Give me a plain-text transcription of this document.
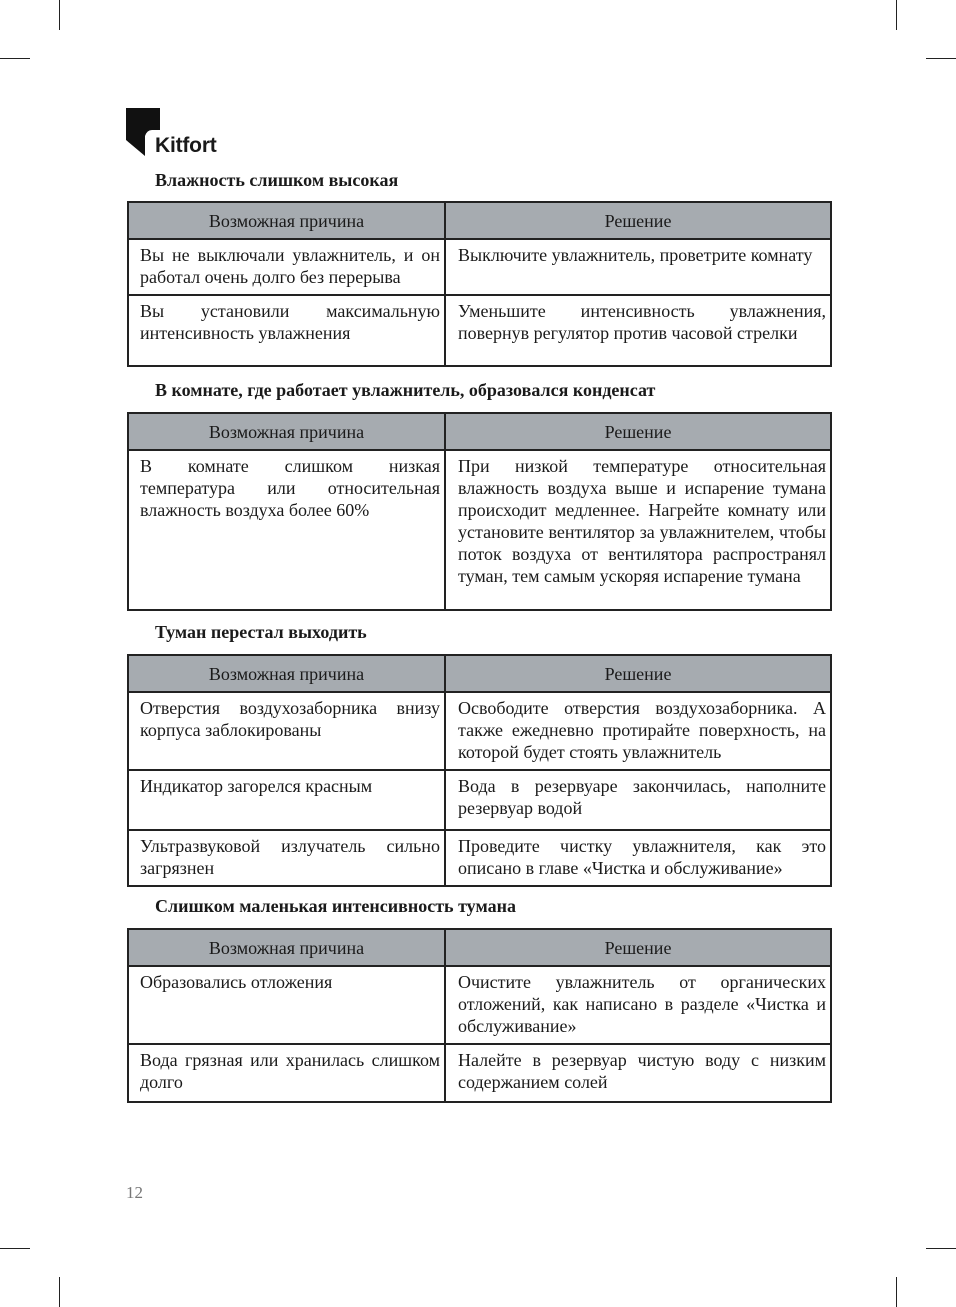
Kitfort
Влажность слишком высокая
Возможная причина	Решение
Вы не выключали увлажнитель, и он работал очень долго без перерыва	Выключите увлажнитель, проветрите комнату
Вы установили максимальную интенсивность увлажнения	Уменьшите интенсивность увлажнения, повернув регулятор против часовой стрелки
В комнате, где работает увлажнитель, образовался конденсат
Возможная причина	Решение
В комнате слишком низкая температура или относительная влажность воздуха более 60%	При низкой температуре относительная влажность воздуха выше и испарение тумана происходит медленнее. Нагрейте комнату или установите вентилятор за увлажнителем, чтобы поток воздуха от вентилятора распространял туман, тем самым ускоряя испарение тумана
Туман перестал выходить
Возможная причина	Решение
Отверстия воздухозаборника внизу корпуса заблокированы	Освободите отверстия воздухозаборника. А также ежедневно протирайте поверхность, на которой будет стоять увлажнитель
Индикатор загорелся красным	Вода в резервуаре закончилась, наполните резервуар водой
Ультразвуковой излучатель сильно загрязнен	Проведите чистку увлажнителя, как это описано в главе «Чистка и обслуживание»
Слишком маленькая интенсивность тумана
Возможная причина	Решение
Образовались отложения	Очистите увлажнитель от органических отложений, как написано в разделе «Чистка и обслуживание»
Вода грязная или хранилась слишком долго	Налейте в резервуар чистую воду с низким содержанием солей
12
